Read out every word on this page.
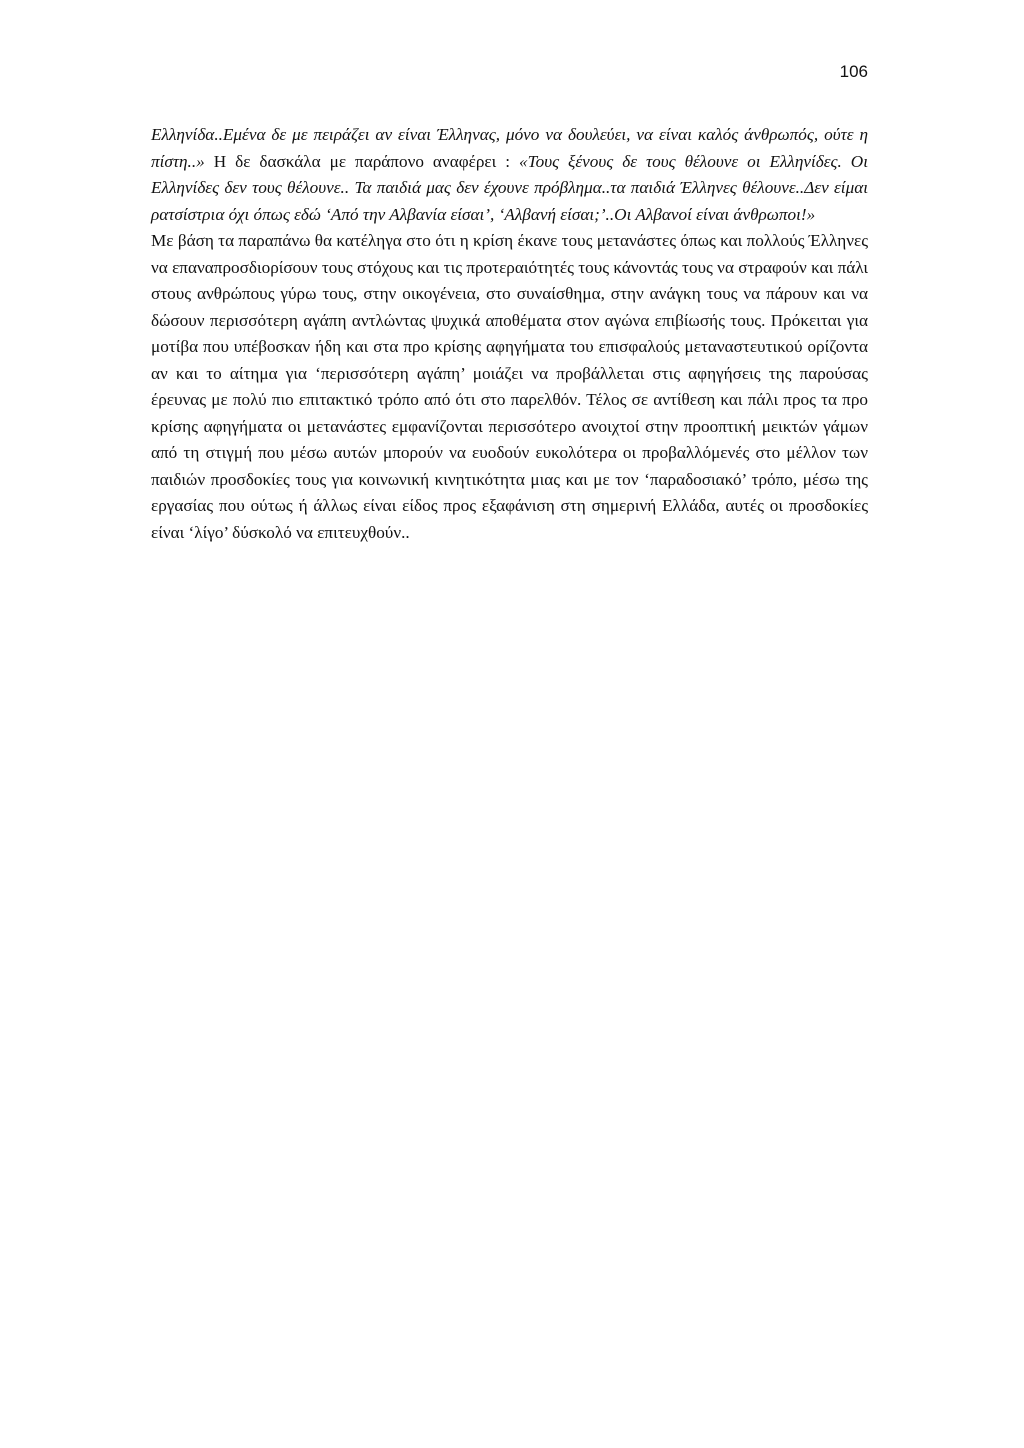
106

Ελληνίδα..Εμένα δε με πειράζει αν είναι Έλληνας, μόνο να δουλεύει, να είναι καλός άνθρωπός, ούτε η πίστη..» Η δε δασκάλα με παράπονο αναφέρει : «Τους ξένους δε τους θέλουνε οι Ελληνίδες. Οι Ελληνίδες δεν τους θέλουνε.. Τα παιδιά μας δεν έχουνε πρόβλημα..τα παιδιά Έλληνες θέλουνε..Δεν είμαι ρατσίστρια όχι όπως εδώ ‘Από την Αλβανία είσαι’, ‘Αλβανή είσαι;’..Οι Αλβανοί είναι άνθρωποι!»

Με βάση τα παραπάνω θα κατέληγα στο ότι η κρίση έκανε τους μετανάστες όπως και πολλούς Έλληνες να επαναπροσδιορίσουν τους στόχους και τις προτεραιότητές τους κάνοντάς τους να στραφούν και πάλι στους ανθρώπους γύρω τους, στην οικογένεια, στο συναίσθημα, στην ανάγκη τους να πάρουν και να δώσουν περισσότερη αγάπη αντλώντας ψυχικά αποθέματα στον αγώνα επιβίωσής τους. Πρόκειται για μοτίβα που υπέβοσκαν ήδη και στα προ κρίσης αφηγήματα του επισφαλούς μεταναστευτικού ορίζοντα αν και το αίτημα για ‘περισσότερη αγάπη’ μοιάζει να προβάλλεται στις αφηγήσεις της παρούσας έρευνας με πολύ πιο επιτακτικό τρόπο από ότι στο παρελθόν. Τέλος σε αντίθεση και πάλι προς τα προ κρίσης αφηγήματα οι μετανάστες εμφανίζονται περισσότερο ανοιχτοί στην προοπτική μεικτών γάμων από τη στιγμή που μέσω αυτών μπορούν να ευοδούν ευκολότερα οι προβαλλόμενές στο μέλλον των παιδιών προσδοκίες τους για κοινωνική κινητικότητα μιας και με τον ‘παραδοσιακό’ τρόπο, μέσω της εργασίας που ούτως ή άλλως είναι είδος προς εξαφάνιση στη σημερινή Ελλάδα, αυτές οι προσδοκίες είναι ‘λίγο’ δύσκολό να επιτευχθούν..
